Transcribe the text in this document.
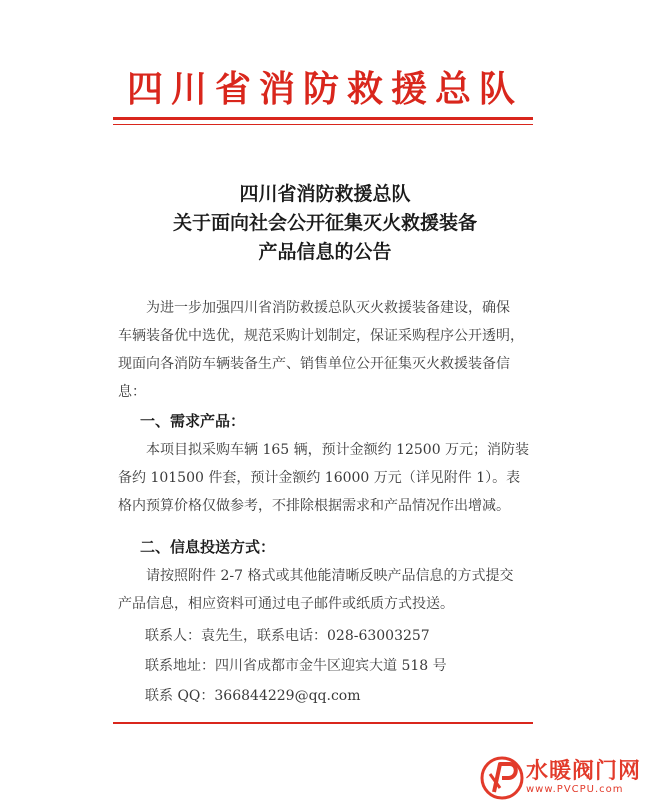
四川省消防救援总队
四川省消防救援总队
关于面向社会公开征集灭火救援装备
产品信息的公告
为进一步加强四川省消防救援总队灭火救援装备建设，确保
车辆装备优中选优，规范采购计划制定，保证采购程序公开透明，
现面向各消防车辆装备生产、销售单位公开征集灭火救援装备信
息：
一、需求产品：
本项目拟采购车辆 165 辆，预计金额约 12500 万元；消防装
备约 101500 件套，预计金额约 16000 万元（详见附件 1）。表
格内预算价格仅做参考，不排除根据需求和产品情况作出增减。
二、信息投送方式：
请按照附件 2-7 格式或其他能清晰反映产品信息的方式提交
产品信息，相应资料可通过电子邮件或纸质方式投送。
联系人：袁先生，联系电话：028-63003257
联系地址：四川省成都市金牛区迎宾大道 518 号
联系 QQ：366844229@qq.com
水暖阀门网
www.PVCPU.com
